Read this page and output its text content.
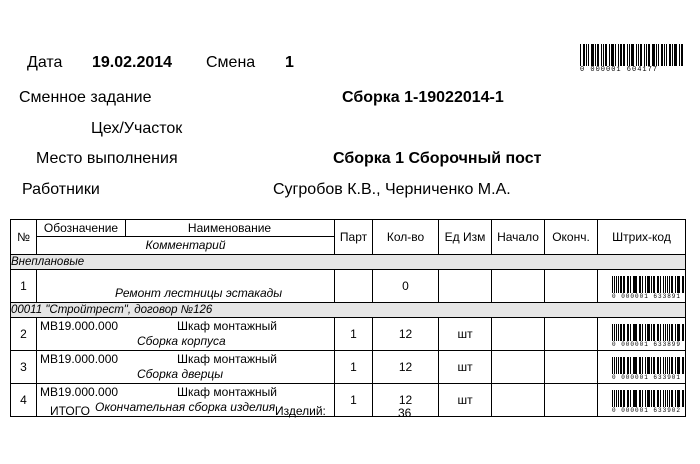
Дата 19.02.2014 Смена 1	0 000001 604177
Сменное задание	Сборка 1-19022014-1
Цех/Участок
Место выполнения	Сборка 1 Сборочный пост
Работники	Сугробов К.В., Черниченко М.А.
№	Обозначение Наименование
Комментарий	Парт	Кол-во	Ед Изм	Начало	Оконч.	Штрих-код
Внеплановые							
1	Ремонт лестницы эстакады		0				0 000001 633891

00011 "Стройтрест", договор №126							
2	MB19.000.000 Шкаф монтажный
Сборка корпуса	1	12	шт			0 000001 633899

3	MB19.000.000 Шкаф монтажный
Сборка дверцы	1	12	шт			0 000001 633901

4	MB19.000.000 Шкаф монтажный
Окончательная сборка изделия	1	12	шт			0 000001 633902
ИТОГО	Изделий:	36
